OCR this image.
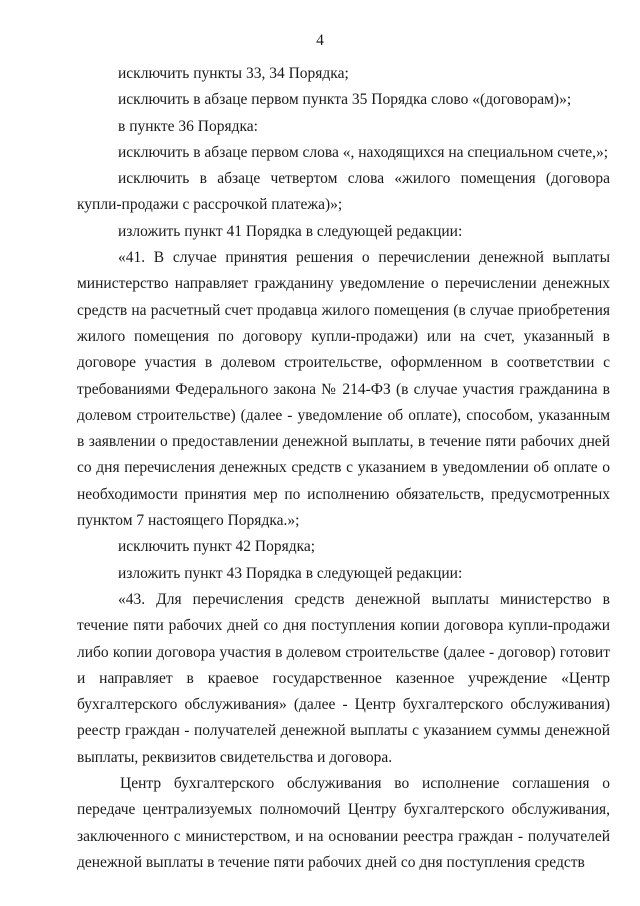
4

исключить пункты 33, 34 Порядка;

исключить в абзаце первом пункта 35 Порядка слово «(договорам)»;

в пункте 36 Порядка:

исключить в абзаце первом слова «, находящихся на специальном счете,»;

исключить в абзаце четвертом слова «жилого помещения (договора купли-продажи с рассрочкой платежа)»;

изложить пункт 41 Порядка в следующей редакции:

«41. В случае принятия решения о перечислении денежной выплаты министерство направляет гражданину уведомление о перечислении денежных средств на расчетный счет продавца жилого помещения (в случае приобретения жилого помещения по договору купли-продажи) или на счет, указанный в договоре участия в долевом строительстве, оформленном в соответствии с требованиями Федерального закона № 214-ФЗ (в случае участия гражданина в долевом строительстве) (далее - уведомление об оплате), способом, указанным в заявлении о предоставлении денежной выплаты, в течение пяти рабочих дней со дня перечисления денежных средств с указанием в уведомлении об оплате о необходимости принятия мер по исполнению обязательств, предусмотренных пунктом 7 настоящего Порядка.»;

исключить пункт 42 Порядка;

изложить пункт 43 Порядка в следующей редакции:

«43. Для перечисления средств денежной выплаты министерство в течение пяти рабочих дней со дня поступления копии договора купли-продажи либо копии договора участия в долевом строительстве (далее - договор) готовит и направляет в краевое государственное казенное учреждение «Центр бухгалтерского обслуживания» (далее - Центр бухгалтерского обслуживания) реестр граждан - получателей денежной выплаты с указанием суммы денежной выплаты, реквизитов свидетельства и договора.

Центр бухгалтерского обслуживания во исполнение соглашения о передаче централизуемых полномочий Центру бухгалтерского обслуживания, заключенного с министерством, и на основании реестра граждан - получателей денежной выплаты в течение пяти рабочих дней со дня поступления средств
